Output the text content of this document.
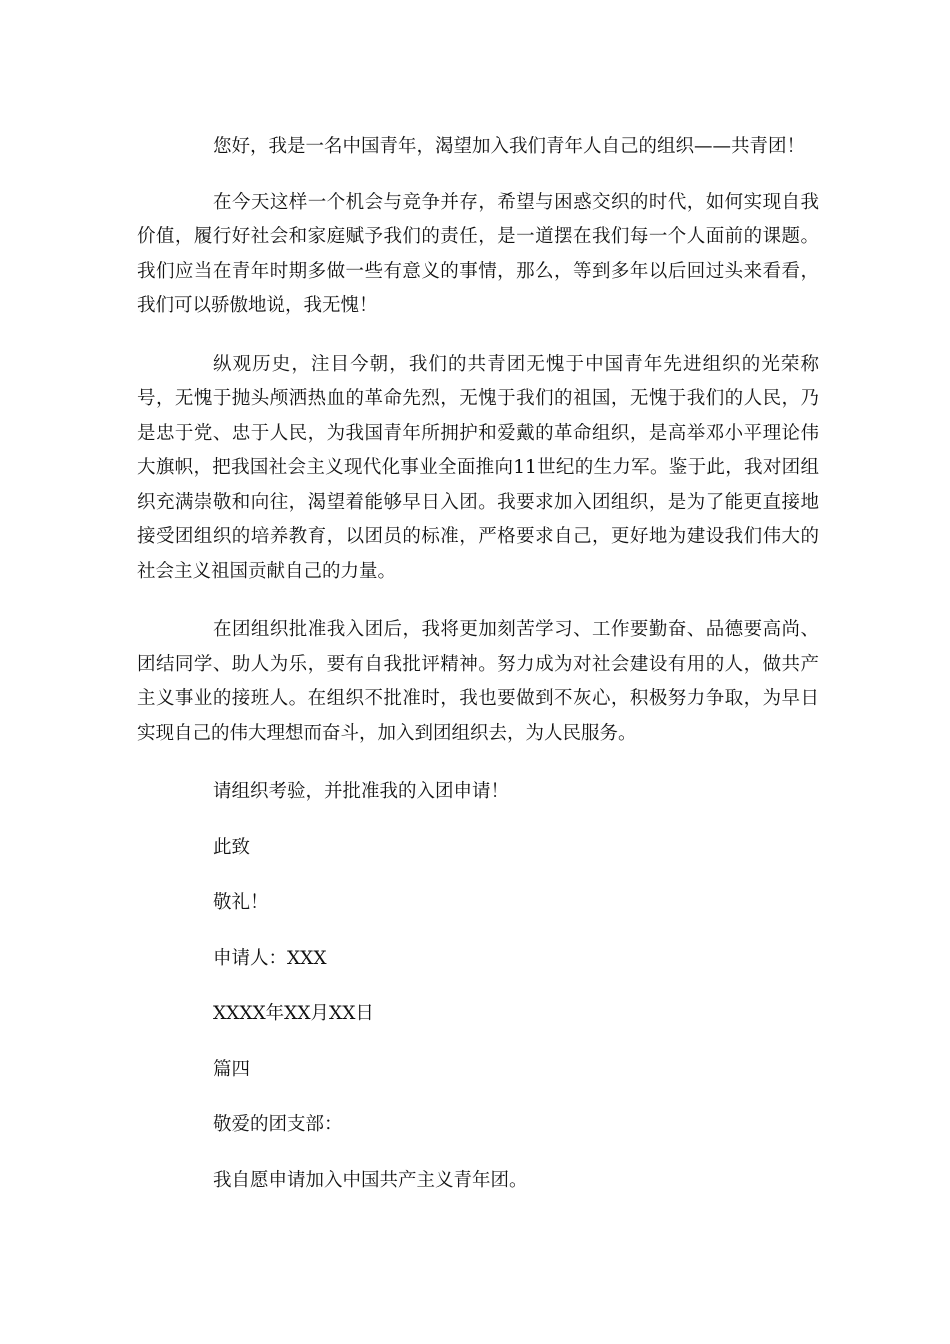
您好，我是一名中国青年，渴望加入我们青年人自己的组织——共青团！

在今天这样一个机会与竞争并存，希望与困惑交织的时代，如何实现自我价值，履行好社会和家庭赋予我们的责任，是一道摆在我们每一个人面前的课题。我们应当在青年时期多做一些有意义的事情，那么，等到多年以后回过头来看看，我们可以骄傲地说，我无愧！

纵观历史，注目今朝，我们的共青团无愧于中国青年先进组织的光荣称号，无愧于抛头颅洒热血的革命先烈，无愧于我们的祖国，无愧于我们的人民，乃是忠于党、忠于人民，为我国青年所拥护和爱戴的革命组织，是高举邓小平理论伟大旗帜，把我国社会主义现代化事业全面推向11世纪的生力军。鉴于此，我对团组织充满崇敬和向往，渴望着能够早日入团。我要求加入团组织，是为了能更直接地接受团组织的培养教育，以团员的标准，严格要求自己，更好地为建设我们伟大的社会主义祖国贡献自己的力量。

在团组织批准我入团后，我将更加刻苦学习、工作要勤奋、品德要高尚、团结同学、助人为乐，要有自我批评精神。努力成为对社会建设有用的人，做共产主义事业的接班人。在组织不批准时，我也要做到不灰心，积极努力争取，为早日实现自己的伟大理想而奋斗，加入到团组织去，为人民服务。

请组织考验，并批准我的入团申请！

此致

敬礼！

申请人：XXX

XXXX年XX月XX日

篇四

敬爱的团支部：

我自愿申请加入中国共产主义青年团。
